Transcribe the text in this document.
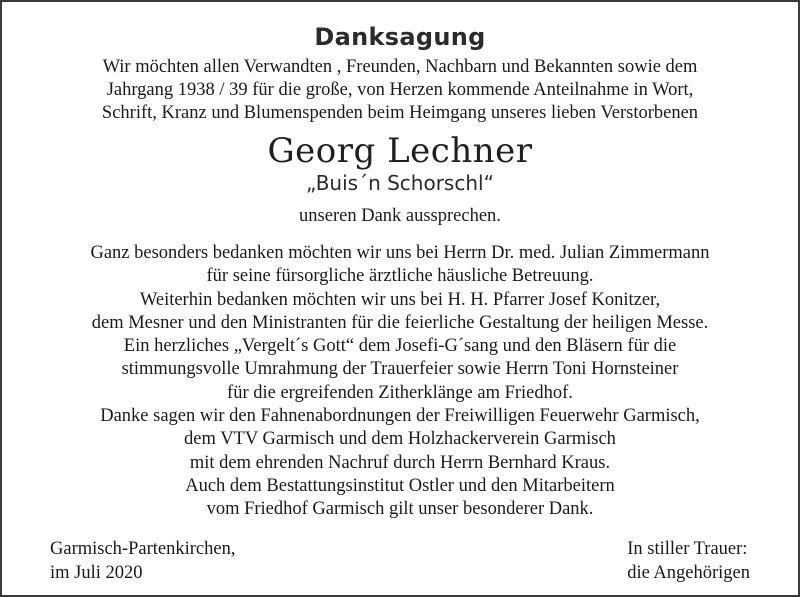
Danksagung
Wir möchten allen Verwandten , Freunden, Nachbarn und Bekannten sowie dem
Jahrgang 1938 / 39 für die große, von Herzen kommende Anteilnahme in Wort,
Schrift, Kranz und Blumenspenden beim Heimgang unseres lieben Verstorbenen
Georg Lechner
„Buis´n Schorschl“
unseren Dank aussprechen.
Ganz besonders bedanken möchten wir uns bei Herrn Dr. med. Julian Zimmermann
für seine fürsorgliche ärztliche häusliche Betreuung.
Weiterhin bedanken möchten wir uns bei H. H. Pfarrer Josef Konitzer,
dem Mesner und den Ministranten für die feierliche Gestaltung der heiligen Messe.
Ein herzliches „Vergelt´s Gott“ dem Josefi-G´sang und den Bläsern für die
stimmungsvolle Umrahmung der Trauerfeier sowie Herrn Toni Hornsteiner
für die ergreifenden Zitherklänge am Friedhof.
Danke sagen wir den Fahnenabordnungen der Freiwilligen Feuerwehr Garmisch,
dem VTV Garmisch und dem Holzhackerverein Garmisch
mit dem ehrenden Nachruf durch Herrn Bernhard Kraus.
Auch dem Bestattungsinstitut Ostler und den Mitarbeitern
vom Friedhof Garmisch gilt unser besonderer Dank.
Garmisch-Partenkirchen,
im Juli 2020
In stiller Trauer:
die Angehörigen
